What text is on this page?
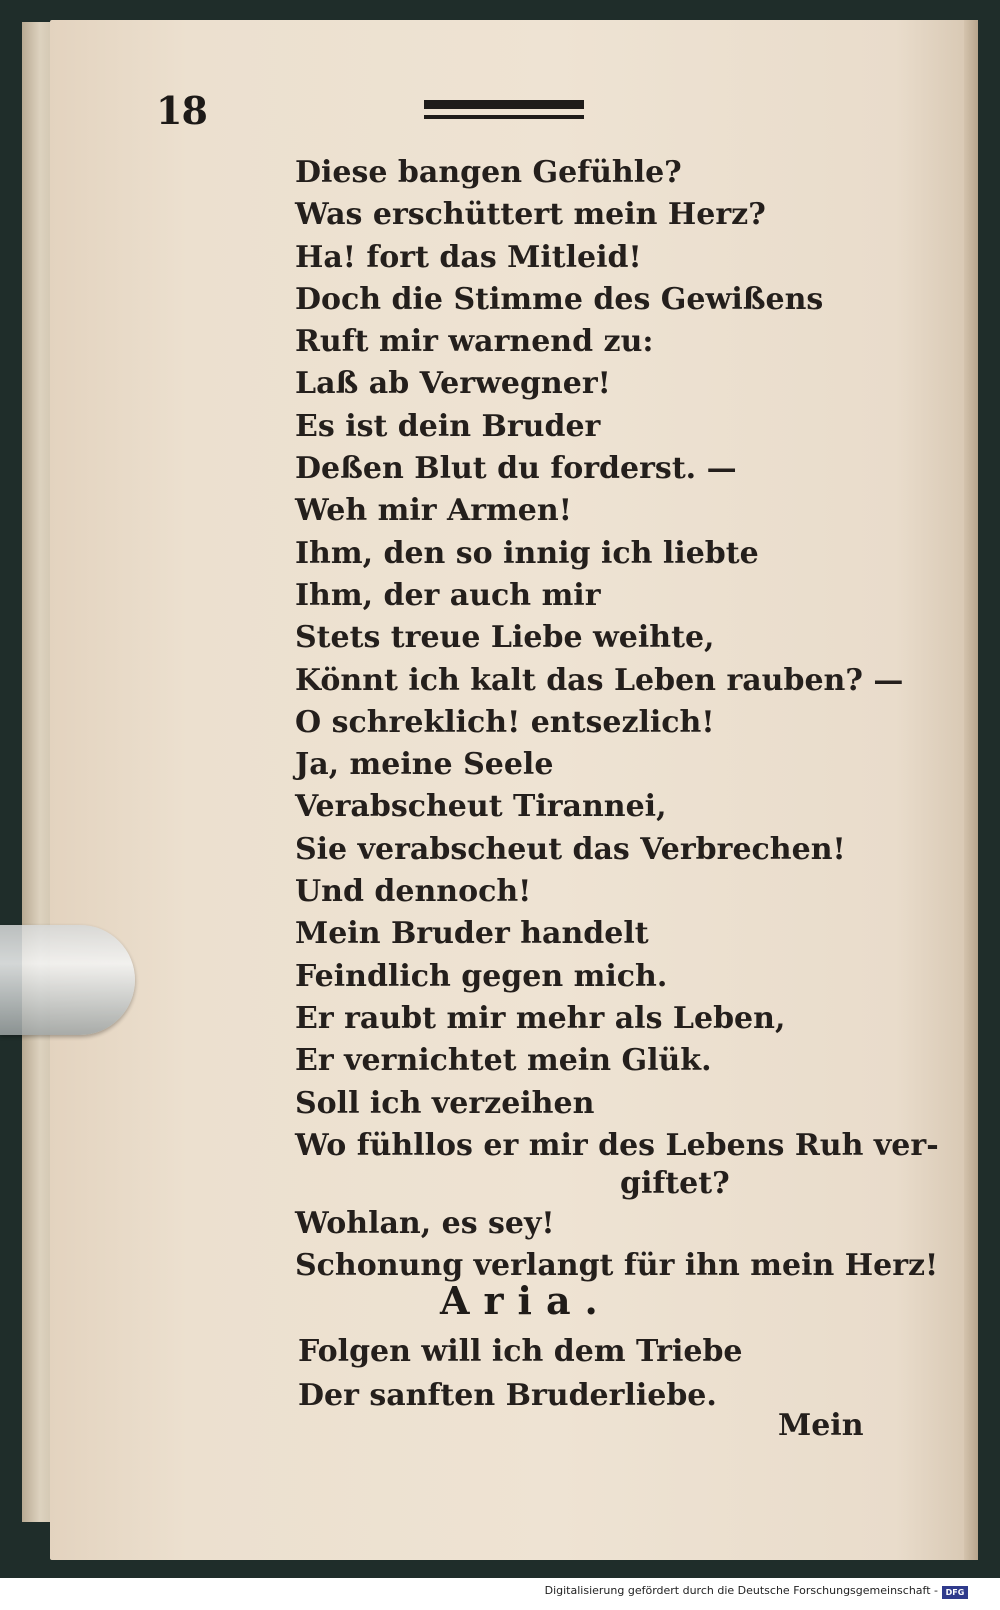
18
Diese bangen Gefühle?
Was erschüttert mein Herz?
Ha! fort das Mitleid!
Doch die Stimme des Gewißens
Ruft mir warnend zu:
Laß ab Verwegner!
Es ist dein Bruder
Deßen Blut du forderst. —
Weh mir Armen!
Ihm, den so innig ich liebte
Ihm, der auch mir
Stets treue Liebe weihte,
Könnt ich kalt das Leben rauben? —
O schreklich! entsezlich!
Ja, meine Seele
Verabscheut Tirannei,
Sie verabscheut das Verbrechen!
Und dennoch!
Mein Bruder handelt
Feindlich gegen mich.
Er raubt mir mehr als Leben,
Er vernichtet mein Glük.
Soll ich verzeihen
Wo fühllos er mir des Lebens Ruh ver-
giftet?
Wohlan, es sey!
Schonung verlangt für ihn mein Herz!
Aria.
Folgen will ich dem Triebe
Der sanften Bruderliebe.
Mein
Digitalisierung gefördert durch die Deutsche Forschungsgemeinschaft - DFG
